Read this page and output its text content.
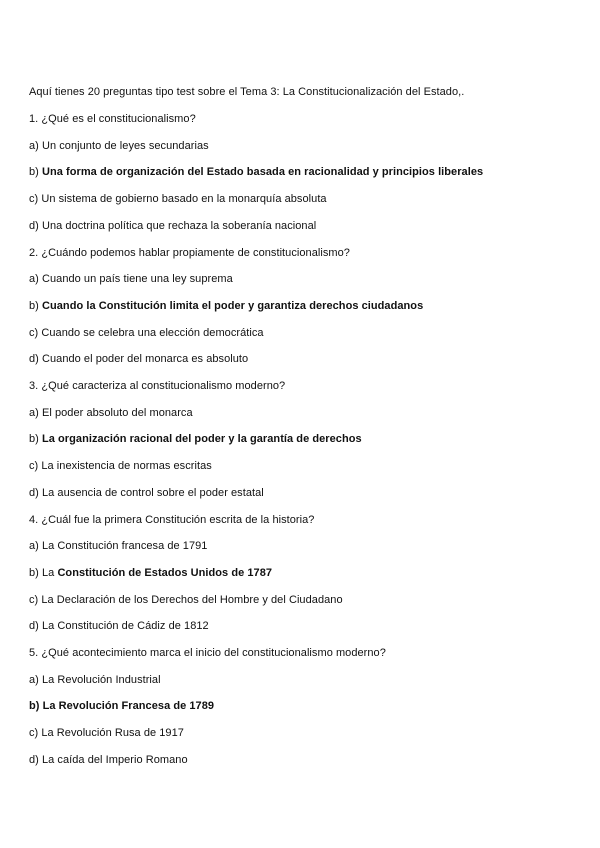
Aquí tienes 20 preguntas tipo test sobre el Tema 3: La Constitucionalización del Estado,.
1. ¿Qué es el constitucionalismo?
a) Un conjunto de leyes secundarias
b) Una forma de organización del Estado basada en racionalidad y principios liberales
c) Un sistema de gobierno basado en la monarquía absoluta
d) Una doctrina política que rechaza la soberanía nacional
2. ¿Cuándo podemos hablar propiamente de constitucionalismo?
a) Cuando un país tiene una ley suprema
b) Cuando la Constitución limita el poder y garantiza derechos ciudadanos
c) Cuando se celebra una elección democrática
d) Cuando el poder del monarca es absoluto
3. ¿Qué caracteriza al constitucionalismo moderno?
a) El poder absoluto del monarca
b) La organización racional del poder y la garantía de derechos
c) La inexistencia de normas escritas
d) La ausencia de control sobre el poder estatal
4. ¿Cuál fue la primera Constitución escrita de la historia?
a) La Constitución francesa de 1791
b) La Constitución de Estados Unidos de 1787
c) La Declaración de los Derechos del Hombre y del Ciudadano
d) La Constitución de Cádiz de 1812
5. ¿Qué acontecimiento marca el inicio del constitucionalismo moderno?
a) La Revolución Industrial
b) La Revolución Francesa de 1789
c) La Revolución Rusa de 1917
d) La caída del Imperio Romano
